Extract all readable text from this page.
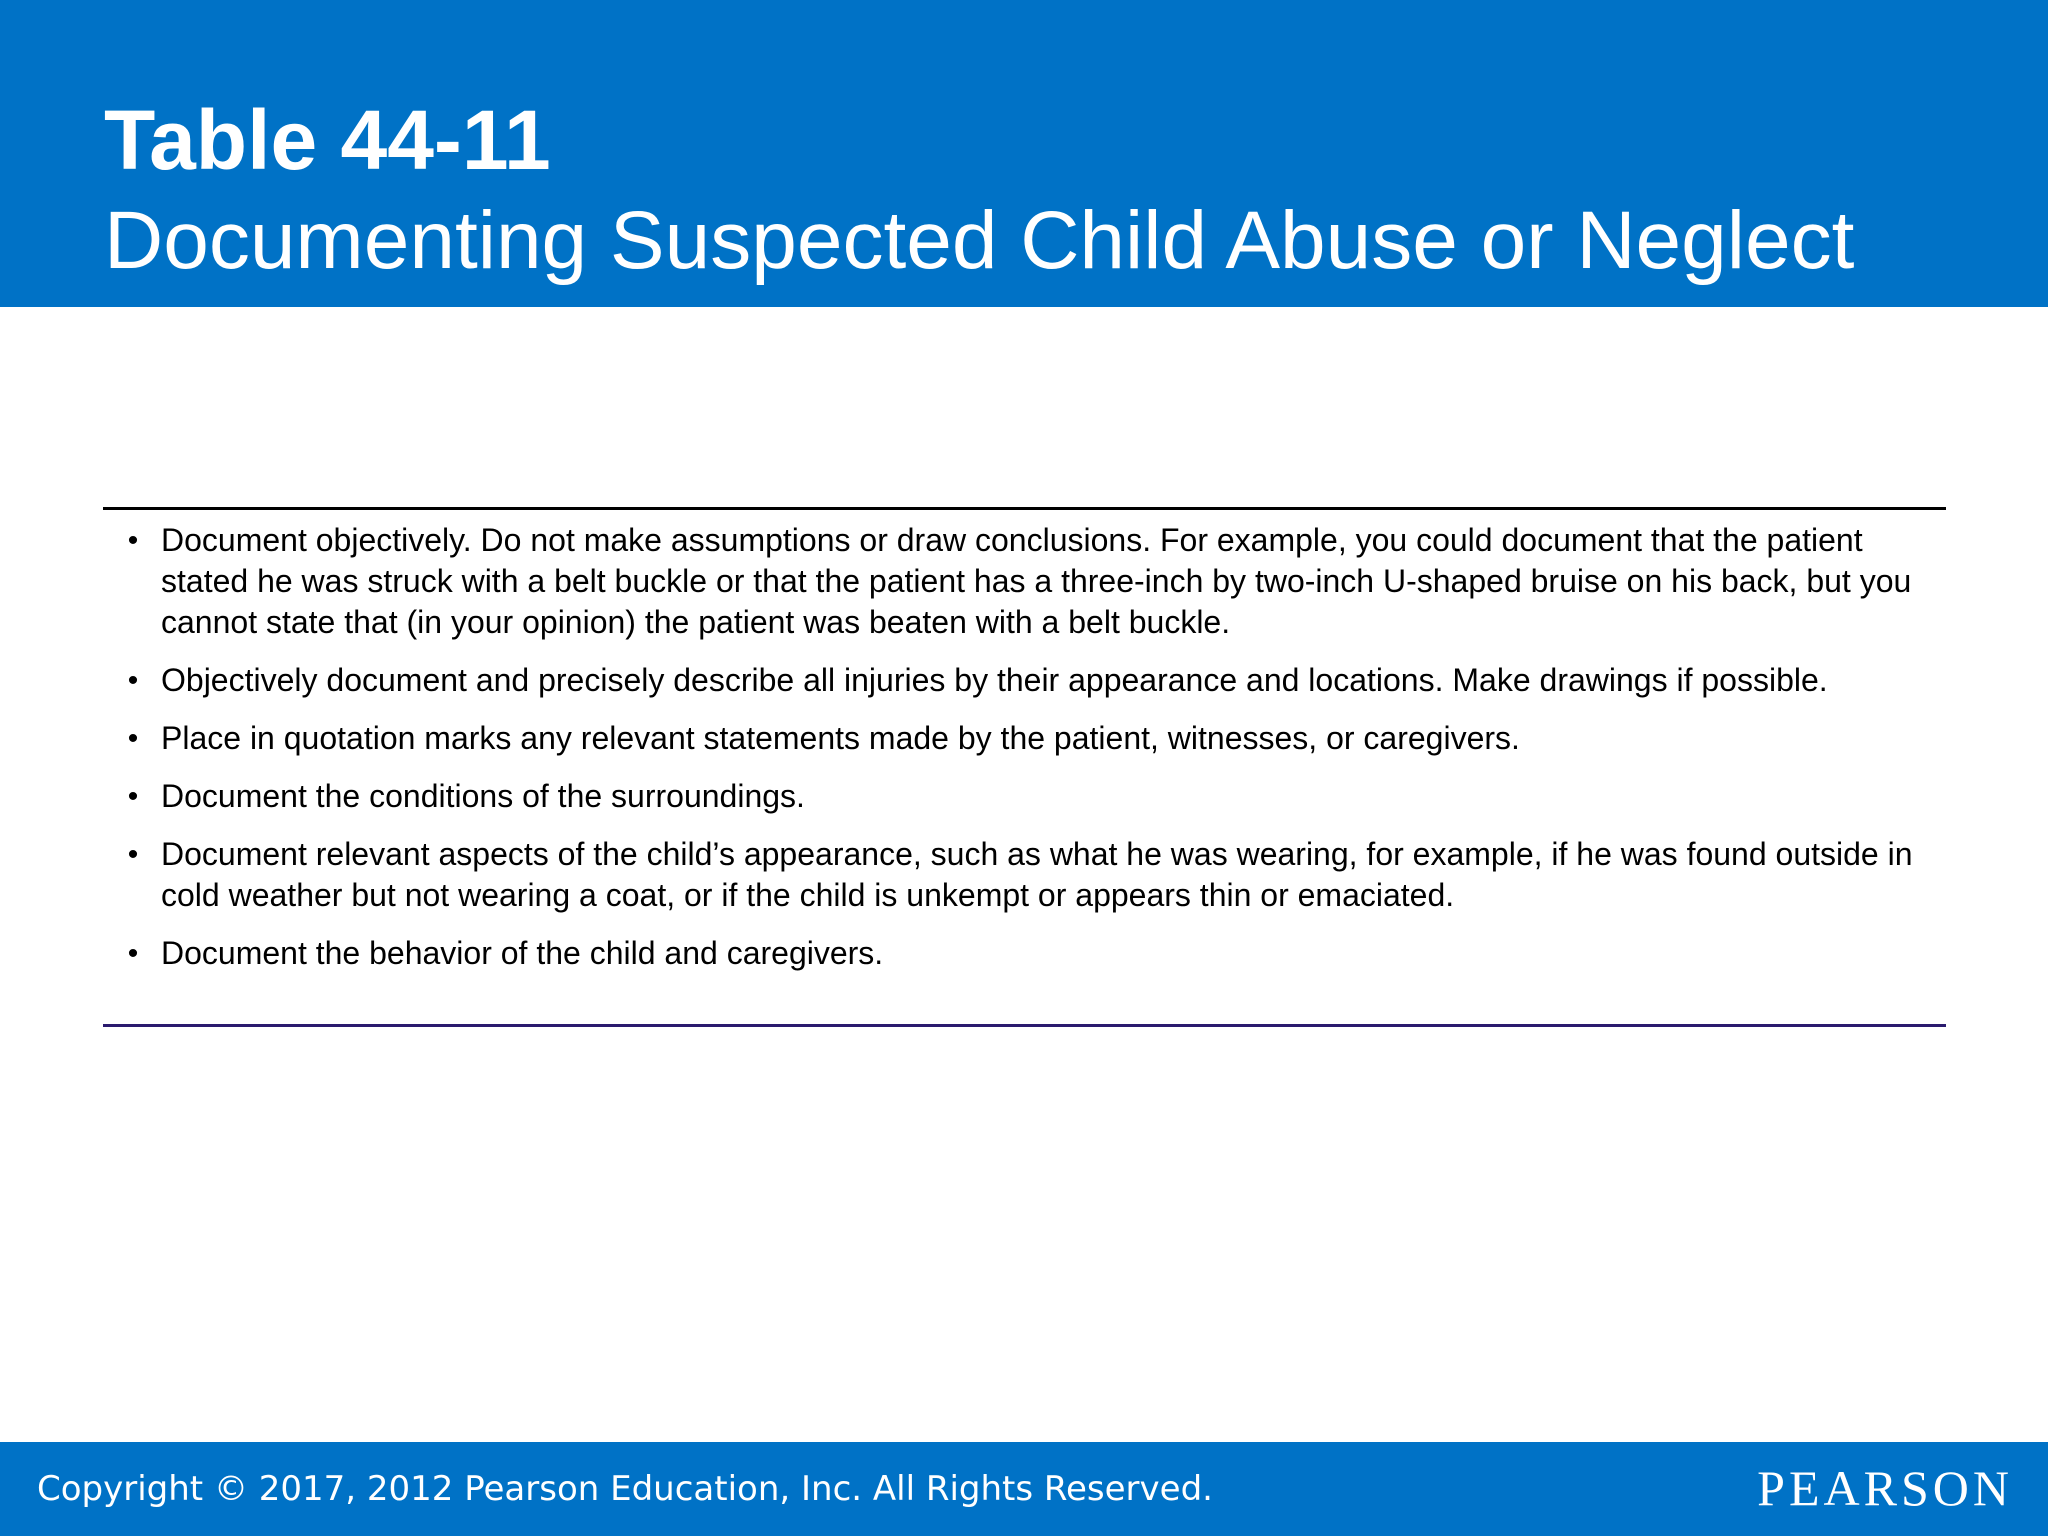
Table 44-11
Documenting Suspected Child Abuse or Neglect
• Document objectively. Do not make assumptions or draw conclusions. For example, you could document that the patient stated he was struck with a belt buckle or that the patient has a three-inch by two-inch U-shaped bruise on his back, but you cannot state that (in your opinion) the patient was beaten with a belt buckle.
• Objectively document and precisely describe all injuries by their appearance and locations. Make drawings if possible.
• Place in quotation marks any relevant statements made by the patient, witnesses, or caregivers.
• Document the conditions of the surroundings.
• Document relevant aspects of the child’s appearance, such as what he was wearing, for example, if he was found outside in cold weather but not wearing a coat, or if the child is unkempt or appears thin or emaciated.
• Document the behavior of the child and caregivers.
Copyright © 2017, 2012 Pearson Education, Inc. All Rights Reserved.	PEARSON
